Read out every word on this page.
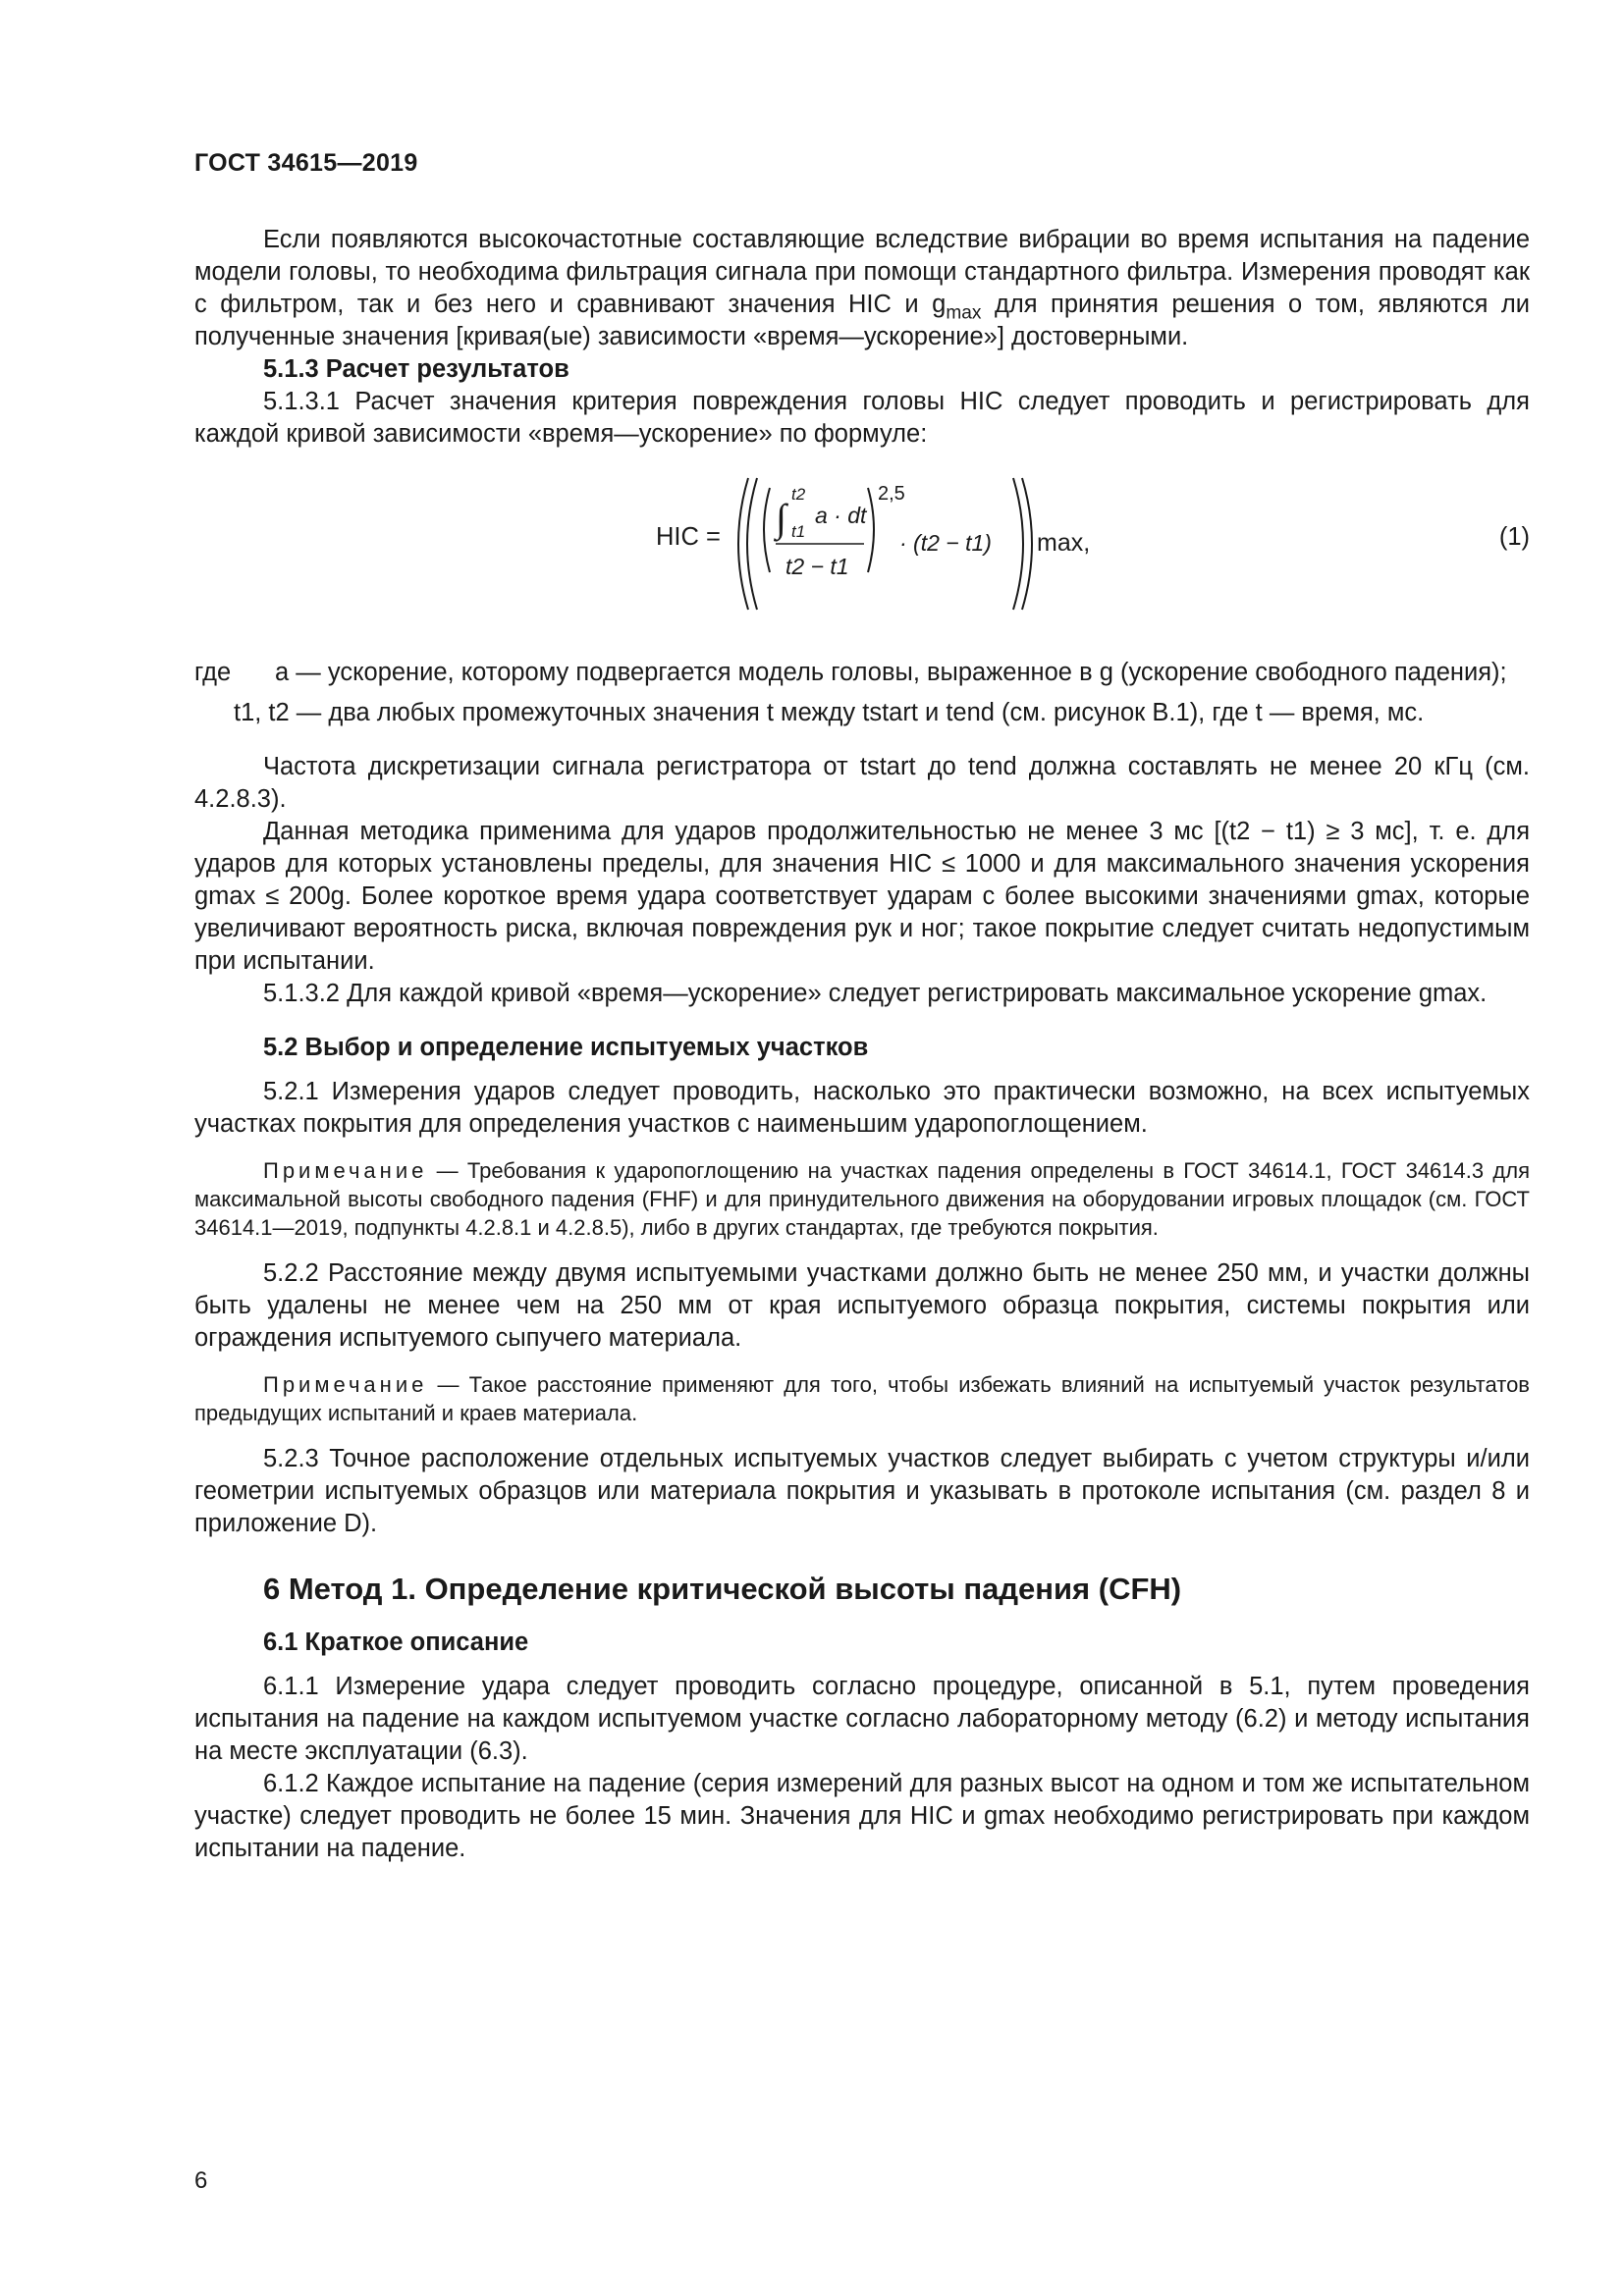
ГОСТ 34615—2019

Если появляются высокочастотные составляющие вследствие вибрации во время испытания на падение модели головы, то необходима фильтрация сигнала при помощи стандартного фильтра. Измерения проводят как с фильтром, так и без него и сравнивают значения HIC и $g_{max}$ для принятия решения о том, являются ли полученные значения [кривая(ые) зависимости «время—ускорение»] достоверными.

5.1.3 Расчет результатов

5.1.3.1 Расчет значения критерия повреждения головы HIC следует проводить и регистрировать для каждой кривой зависимости «время—ускорение» по формуле:

HIC = ∫
t2
t1
a · dt
t2 − t1
2,5
· (t2 − t1) max,	(1)
где	a — ускорение, которому подвергается модель головы, выраженное в g (ускорение свободного падения);

t1, t2 — два любых промежуточных значения t между tstart и tend (см. рисунок В.1), где t — время, мс.

Частота дискретизации сигнала регистратора от tstart до tend должна составлять не менее 20 кГц (см. 4.2.8.3).

Данная методика применима для ударов продолжительностью не менее 3 мс [(t2 − t1) ≥ 3 мс], т. е. для ударов для которых установлены пределы, для значения HIC ≤ 1000 и для максимального значения ускорения gmax ≤ 200g. Более короткое время удара соответствует ударам с более высокими значениями gmax, которые увеличивают вероятность риска, включая повреждения рук и ног; такое покрытие следует считать недопустимым при испытании.

5.1.3.2 Для каждой кривой «время—ускорение» следует регистрировать максимальное ускорение gmax.

5.2 Выбор и определение испытуемых участков

5.2.1 Измерения ударов следует проводить, насколько это практически возможно, на всех испытуемых участках покрытия для определения участков с наименьшим ударопоглощением.

Примечание — Требования к ударопоглощению на участках падения определены в ГОСТ 34614.1, ГОСТ 34614.3 для максимальной высоты свободного падения (FHF) и для принудительного движения на оборудовании игровых площадок (см. ГОСТ 34614.1—2019, подпункты 4.2.8.1 и 4.2.8.5), либо в других стандартах, где требуются покрытия.

5.2.2 Расстояние между двумя испытуемыми участками должно быть не менее 250 мм, и участки должны быть удалены не менее чем на 250 мм от края испытуемого образца покрытия, системы покрытия или ограждения испытуемого сыпучего материала.

Примечание — Такое расстояние применяют для того, чтобы избежать влияний на испытуемый участок результатов предыдущих испытаний и краев материала.

5.2.3 Точное расположение отдельных испытуемых участков следует выбирать с учетом структуры и/или геометрии испытуемых образцов или материала покрытия и указывать в протоколе испытания (см. раздел 8 и приложение D).

6 Метод 1. Определение критической высоты падения (CFH)

6.1 Краткое описание

6.1.1 Измерение удара следует проводить согласно процедуре, описанной в 5.1, путем проведения испытания на падение на каждом испытуемом участке согласно лабораторному методу (6.2) и методу испытания на месте эксплуатации (6.3).

6.1.2 Каждое испытание на падение (серия измерений для разных высот на одном и том же испытательном участке) следует проводить не более 15 мин. Значения для HIC и gmax необходимо регистрировать при каждом испытании на падение.

6
